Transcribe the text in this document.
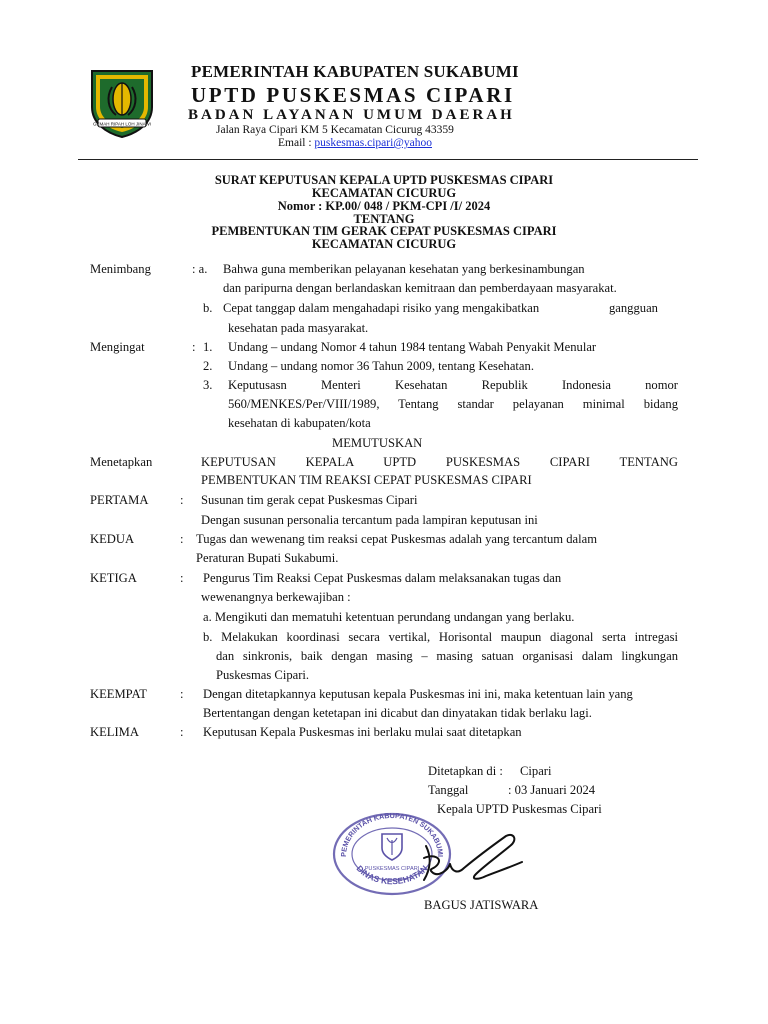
GEMAH RIPAH LOH JINAWI
PEMERINTAH KABUPATEN SUKABUMI
UPTD PUSKESMAS CIPARI
BADAN LAYANAN UMUM DAERAH
Jalan Raya Cipari KM 5 Kecamatan Cicurug 43359
Email : puskesmas.cipari@yahoo
SURAT KEPUTUSAN KEPALA UPTD PUSKESMAS CIPARI
KECAMATAN CICURUG
Nomor : KP.00/ 048 / PKM-CPI /I/ 2024
TENTANG
PEMBENTUKAN TIM GERAK CEPAT PUSKESMAS CIPARI
KECAMATAN CICURUG
Menimbang	: a. Bahwa guna memberikan pelayanan kesehatan yang berkesinambungan
dan paripurna dengan berlandaskan kemitraan dan pemberdayaan masyarakat.
b. Cepat tanggap dalam mengahadapi risiko yang mengakibatkan	gangguan
kesehatan pada masyarakat.
Mengingat	: 1. Undang – undang Nomor 4 tahun 1984 tentang Wabah Penyakit Menular
2. Undang – undang nomor 36 Tahun 2009, tentang Kesehatan.
3. Keputusasn Menteri Kesehatan Republik Indonesia nomor
560/MENKES/Per/VIII/1989, Tentang standar pelayanan minimal bidang
kesehatan di kabupaten/kota
MEMUTUSKAN
Menetapkan	KEPUTUSAN KEPALA UPTD PUSKESMAS CIPARI TENTANG
PEMBENTUKAN TIM REAKSI CEPAT PUSKESMAS CIPARI
PERTAMA	: Susunan tim gerak cepat Puskesmas Cipari
Dengan susunan personalia tercantum pada lampiran keputusan ini
KEDUA	: Tugas dan wewenang tim reaksi cepat Puskesmas adalah yang tercantum dalam
Peraturan Bupati Sukabumi.
KETIGA	: Pengurus Tim Reaksi Cepat Puskesmas dalam melaksanakan tugas dan
wewenangnya berkewajiban :
a. Mengikuti dan mematuhi ketentuan perundang undangan yang berlaku.
b. Melakukan koordinasi secara vertikal, Horisontal maupun diagonal serta intregasi
dan sinkronis, baik dengan masing – masing satuan organisasi dalam lingkungan
Puskesmas Cipari.
KEEMPAT	: Dengan ditetapkannya keputusan kepala Puskesmas ini ini, maka ketentuan lain yang
Bertentangan dengan ketetapan ini dicabut dan dinyatakan tidak berlaku lagi.
KELIMA	: Keputusan Kepala Puskesmas ini berlaku mulai saat ditetapkan
Ditetapkan di : Cipari
Tanggal	: 03 Januari 2024
Kepala UPTD Puskesmas Cipari
PEMERINTAH KABUPATEN SUKABUMI
DINAS KESEHATAN
PUSKESMAS CIPARI
BAGUS JATISWARA
